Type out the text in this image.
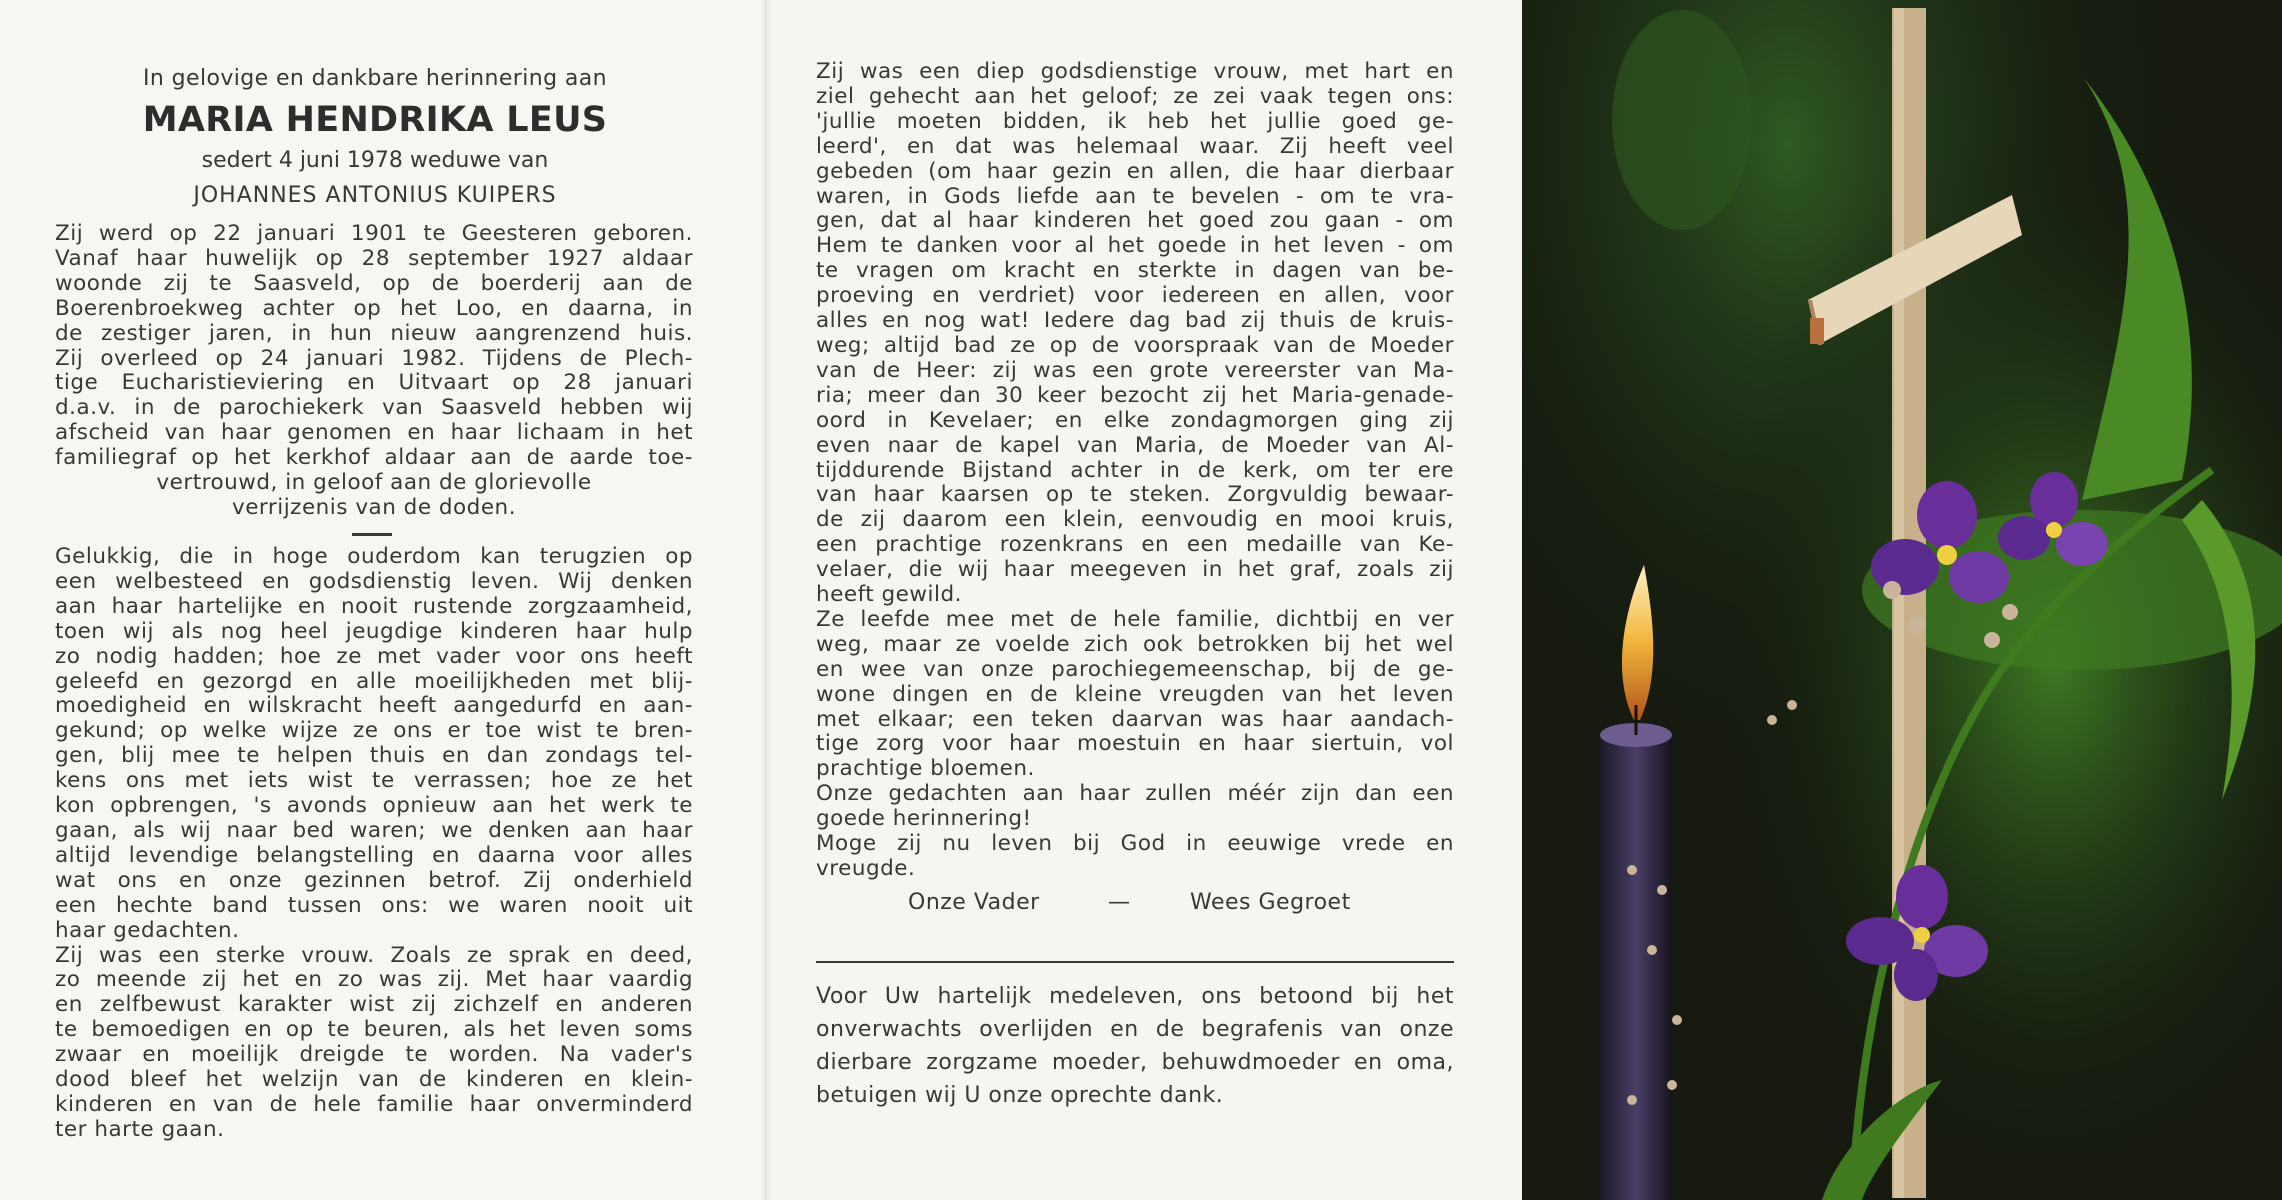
In gelovige en dankbare herinnering aan

MARIA HENDRIKA LEUS

sedert 4 juni 1978 weduwe van

JOHANNES ANTONIUS KUIPERS

Zij werd op 22 januari 1901 te Geesteren geboren.
Vanaf haar huwelijk op 28 september 1927 aldaar
woonde zij te Saasveld, op de boerderij aan de
Boerenbroekweg achter op het Loo, en daarna, in
de zestiger jaren, in hun nieuw aangrenzend huis.
Zij overleed op 24 januari 1982. Tijdens de Plech-
tige Eucharistieviering en Uitvaart op 28 januari
d.a.v. in de parochiekerk van Saasveld hebben wij
afscheid van haar genomen en haar lichaam in het
familiegraf op het kerkhof aldaar aan de aarde toe-
vertrouwd, in geloof aan de glorievolle
verrijzenis van de doden.
Gelukkig, die in hoge ouderdom kan terugzien op
een welbesteed en godsdienstig leven. Wij denken
aan haar hartelijke en nooit rustende zorgzaamheid,
toen wij als nog heel jeugdige kinderen haar hulp
zo nodig hadden; hoe ze met vader voor ons heeft
geleefd en gezorgd en alle moeilijkheden met blij-
moedigheid en wilskracht heeft aangedurfd en aan-
gekund; op welke wijze ze ons er toe wist te bren-
gen, blij mee te helpen thuis en dan zondags tel-
kens ons met iets wist te verrassen; hoe ze het
kon opbrengen, 's avonds opnieuw aan het werk te
gaan, als wij naar bed waren; we denken aan haar
altijd levendige belangstelling en daarna voor alles
wat ons en onze gezinnen betrof. Zij onderhield
een hechte band tussen ons: we waren nooit uit
haar gedachten.
Zij was een sterke vrouw. Zoals ze sprak en deed,
zo meende zij het en zo was zij. Met haar vaardig
en zelfbewust karakter wist zij zichzelf en anderen
te bemoedigen en op te beuren, als het leven soms
zwaar en moeilijk dreigde te worden. Na vader's
dood bleef het welzijn van de kinderen en klein-
kinderen en van de hele familie haar onverminderd
ter harte gaan.
Zij was een diep godsdienstige vrouw, met hart en
ziel gehecht aan het geloof; ze zei vaak tegen ons:
'jullie moeten bidden, ik heb het jullie goed ge-
leerd', en dat was helemaal waar. Zij heeft veel
gebeden (om haar gezin en allen, die haar dierbaar
waren, in Gods liefde aan te bevelen - om te vra-
gen, dat al haar kinderen het goed zou gaan - om
Hem te danken voor al het goede in het leven - om
te vragen om kracht en sterkte in dagen van be-
proeving en verdriet) voor iedereen en allen, voor
alles en nog wat! Iedere dag bad zij thuis de kruis-
weg; altijd bad ze op de voorspraak van de Moeder
van de Heer: zij was een grote vereerster van Ma-
ria; meer dan 30 keer bezocht zij het Maria-genade-
oord in Kevelaer; en elke zondagmorgen ging zij
even naar de kapel van Maria, de Moeder van Al-
tijddurende Bijstand achter in de kerk, om ter ere
van haar kaarsen op te steken. Zorgvuldig bewaar-
de zij daarom een klein, eenvoudig en mooi kruis,
een prachtige rozenkrans en een medaille van Ke-
velaer, die wij haar meegeven in het graf, zoals zij
heeft gewild.
Ze leefde mee met de hele familie, dichtbij en ver
weg, maar ze voelde zich ook betrokken bij het wel
en wee van onze parochiegemeenschap, bij de ge-
wone dingen en de kleine vreugden van het leven
met elkaar; een teken daarvan was haar aandach-
tige zorg voor haar moestuin en haar siertuin, vol
prachtige bloemen.
Onze gedachten aan haar zullen méér zijn dan een
goede herinnering!
Moge zij nu leven bij God in eeuwige vrede en
vreugde.
Onze Vader	—	Wees Gegroet
Voor Uw hartelijk medeleven, ons betoond bij het
onverwachts overlijden en de begrafenis van onze
dierbare zorgzame moeder, behuwdmoeder en oma,
betuigen wij U onze oprechte dank.
